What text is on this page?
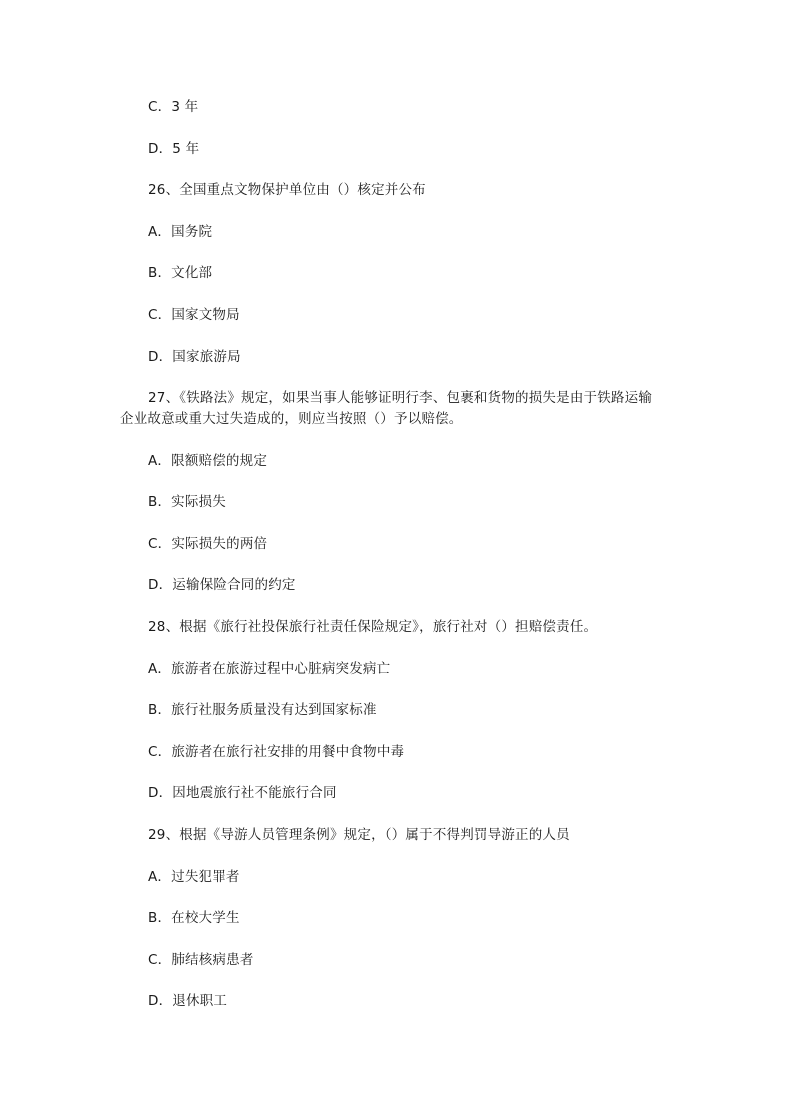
C．3 年
D．5 年
26、全国重点文物保护单位由（）核定并公布
A．国务院
B．文化部
C．国家文物局
D．国家旅游局
27、《铁路法》规定，如果当事人能够证明行李、包裹和货物的损失是由于铁路运输
企业故意或重大过失造成的，则应当按照（）予以赔偿。
A．限额赔偿的规定
B．实际损失
C．实际损失的两倍
D．运输保险合同的约定
28、根据《旅行社投保旅行社责任保险规定》，旅行社对（）担赔偿责任。
A．旅游者在旅游过程中心脏病突发病亡
B．旅行社服务质量没有达到国家标准
C．旅游者在旅行社安排的用餐中食物中毒
D．因地震旅行社不能旅行合同
29、根据《导游人员管理条例》规定，（）属于不得判罚导游正的人员
A．过失犯罪者
B．在校大学生
C．肺结核病患者
D．退休职工
